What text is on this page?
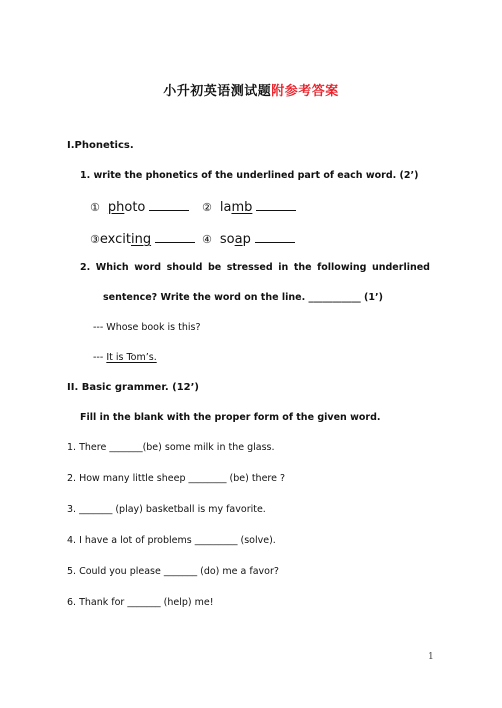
小升初英语测试题附参考答案
I.Phonetics.
1. write the phonetics of the underlined part of each word. (2’)
① photo	② lamb
③exciting	④ soap
2. Which word should be stressed in the following underlined
sentence? Write the word on the line. ___________ (1’)
--- Whose book is this?
--- It is Tom’s.
II. Basic grammer. (12’)
Fill in the blank with the proper form of the given word.
1. There _______(be) some milk in the glass.
2. How many little sheep ________ (be) there ?
3. _______ (play) basketball is my favorite.
4. I have a lot of problems _________ (solve).
5. Could you please _______ (do) me a favor?
6. Thank for _______ (help) me!
1
